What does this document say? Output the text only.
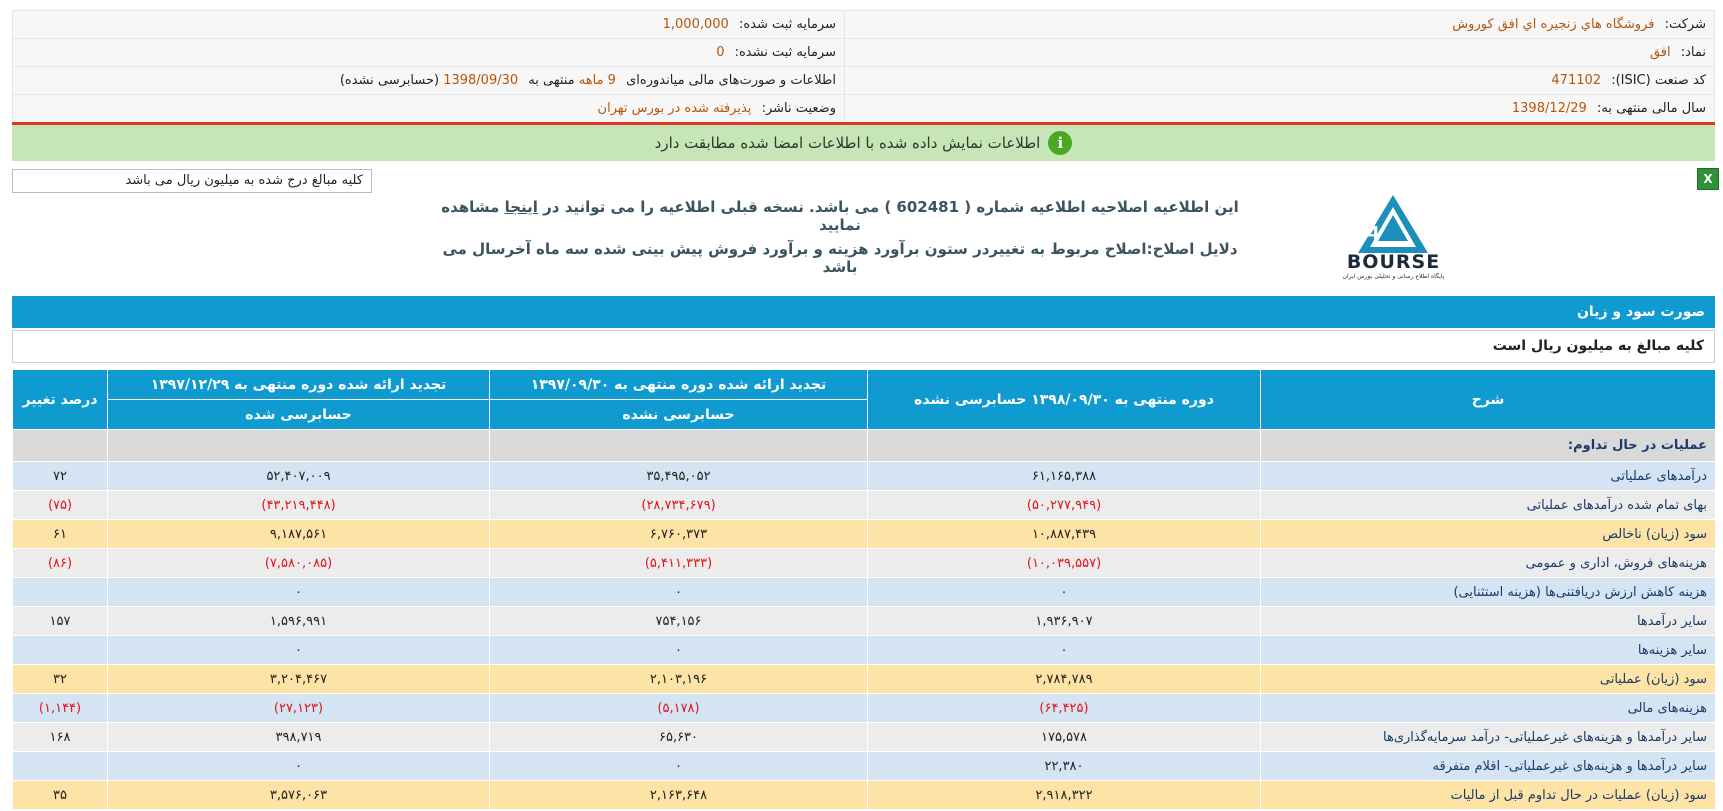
شرکت: فروشگاه هاي زنجيره اي افق كوروش	سرمایه ثبت شده: 1,000,000
نماد: افق	سرمایه ثبت نشده: 0
کد صنعت (ISIC): 471102	اطلاعات و صورت‌های مالی میاندوره‌ای 9 ماهه منتهی به 1398/09/30 (حسابرسی نشده)
سال مالی منتهی به: 1398/12/29	وضعیت ناشر: پذیرفته شده در بورس تهران
i
اطلاعات نمایش داده شده با اطلاعات امضا شده مطابقت دارد
X
کلیه مبالغ درج شده به میلیون ریال می باشد
این اطلاعیه اصلاحیه اطلاعیه شماره ( 602481 ) می باشد. نسخه قبلی اطلاعیه را می توانید در اینجا مشاهده نمایید
دلایل اصلاح:اصلاح مربوط به تغییردر ستون برآورد هزینه و برآورد فروش پیش بینی شده سه ماه آخرسال می باشد
24
BOURSE
پایگاه اطلاع رسانی و تحلیلی بورس ایران
صورت سود و زیان
کلیه مبالغ به میلیون ریال است
شرح	دوره منتهی به ۱۳۹۸/۰۹/۳۰ حسابرسی نشده	تجدید ارائه شده دوره منتهی به ۱۳۹۷/۰۹/۳۰	تجدید ارائه شده دوره منتهی به ۱۳۹۷/۱۲/۲۹	درصد تغییر
		حسابرسی نشده	حسابرسی شده	
عملیات در حال تداوم:				
درآمدهای عملیاتی	۶۱,۱۶۵,۳۸۸	۳۵,۴۹۵,۰۵۲	۵۲,۴۰۷,۰۰۹	۷۲
بهای تمام شده درآمدهای عملیاتی	(۵۰,۲۷۷,۹۴۹)	(۲۸,۷۳۴,۶۷۹)	(۴۳,۲۱۹,۴۴۸)	(۷۵)
سود (زیان) ناخالص	۱۰,۸۸۷,۴۳۹	۶,۷۶۰,۳۷۳	۹,۱۸۷,۵۶۱	۶۱
هزینه‌های فروش، اداری و عمومی	(۱۰,۰۳۹,۵۵۷)	(۵,۴۱۱,۳۳۳)	(۷,۵۸۰,۰۸۵)	(۸۶)
هزینه کاهش ارزش دریافتنی‌ها (هزینه استثنایی)	۰	۰	۰	
سایر درآمدها	۱,۹۳۶,۹۰۷	۷۵۴,۱۵۶	۱,۵۹۶,۹۹۱	۱۵۷
سایر هزینه‌ها	۰	۰	۰	
سود (زیان) عملیاتی	۲,۷۸۴,۷۸۹	۲,۱۰۳,۱۹۶	۳,۲۰۴,۴۶۷	۳۲
هزینه‌های مالی	(۶۴,۴۲۵)	(۵,۱۷۸)	(۲۷,۱۲۳)	(۱,۱۴۴)
سایر درآمدها و هزینه‌های غیرعملیاتی- درآمد سرمایه‌گذاری‌ها	۱۷۵,۵۷۸	۶۵,۶۳۰	۳۹۸,۷۱۹	۱۶۸
سایر درآمدها و هزینه‌های غیرعملیاتی- اقلام متفرقه	۲۲,۳۸۰	۰	۰	
سود (زیان) عملیات در حال تداوم قبل از مالیات	۲,۹۱۸,۳۲۲	۲,۱۶۳,۶۴۸	۳,۵۷۶,۰۶۳	۳۵
